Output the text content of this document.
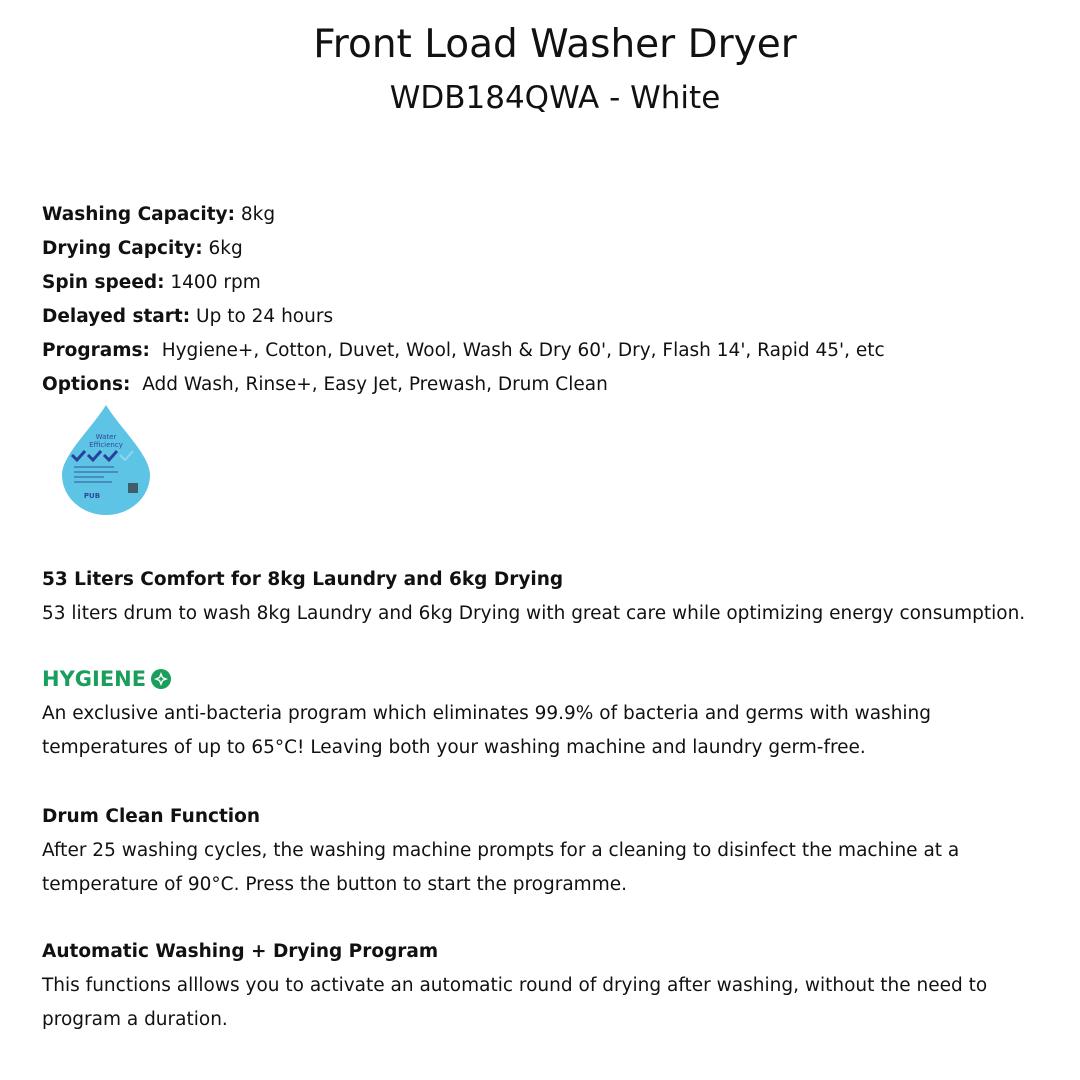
Front Load Washer Dryer
WDB184QWA - White
Washing Capacity: 8kg
Drying Capcity: 6kg
Spin speed: 1400 rpm
Delayed start: Up to 24 hours
Programs:  Hygiene+, Cotton, Duvet, Wool, Wash & Dry 60', Dry, Flash 14', Rapid 45', etc
Options:  Add Wash, Rinse+, Easy Jet, Prewash, Drum Clean
Water
Efficiency
PUB
53 Liters Comfort for 8kg Laundry and 6kg Drying

53 liters drum to wash 8kg Laundry and 6kg Drying with great care while optimizing energy consumption.

HYGIENE

An exclusive anti-bacteria program which eliminates 99.9% of bacteria and germs with washing temperatures of up to 65°C! Leaving both your washing machine and laundry germ-free.

Drum Clean Function

After 25 washing cycles, the washing machine prompts for a cleaning to disinfect the machine at a temperature of 90°C. Press the button to start the programme.

Automatic Washing + Drying Program

This functions alllows you to activate an automatic round of drying after washing, without the need to program a duration.
